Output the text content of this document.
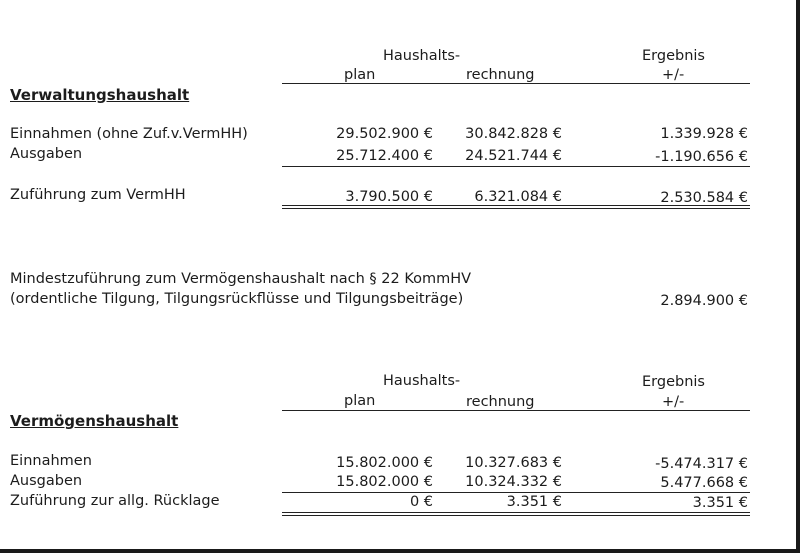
Haushalts-	Ergebnis
plan	rechnung	+/-
Verwaltungshaushalt
Einnahmen (ohne Zuf.v.VermHH)	29.502.900 €	30.842.828 €	1.339.928 €
Ausgaben	25.712.400 €	24.521.744 €	-1.190.656 €
Zuführung zum VermHH	3.790.500 €	6.321.084 €	2.530.584 €
Mindestzuführung zum Vermögenshaushalt nach § 22 KommHV
(ordentliche Tilgung, Tilgungsrückflüsse und Tilgungsbeiträge)	2.894.900 €
Haushalts-	Ergebnis
plan	rechnung	+/-
Vermögenshaushalt
Einnahmen	15.802.000 €	10.327.683 €	-5.474.317 €
Ausgaben	15.802.000 €	10.324.332 €	5.477.668 €
Zuführung zur allg. Rücklage	0 €	3.351 €	3.351 €
